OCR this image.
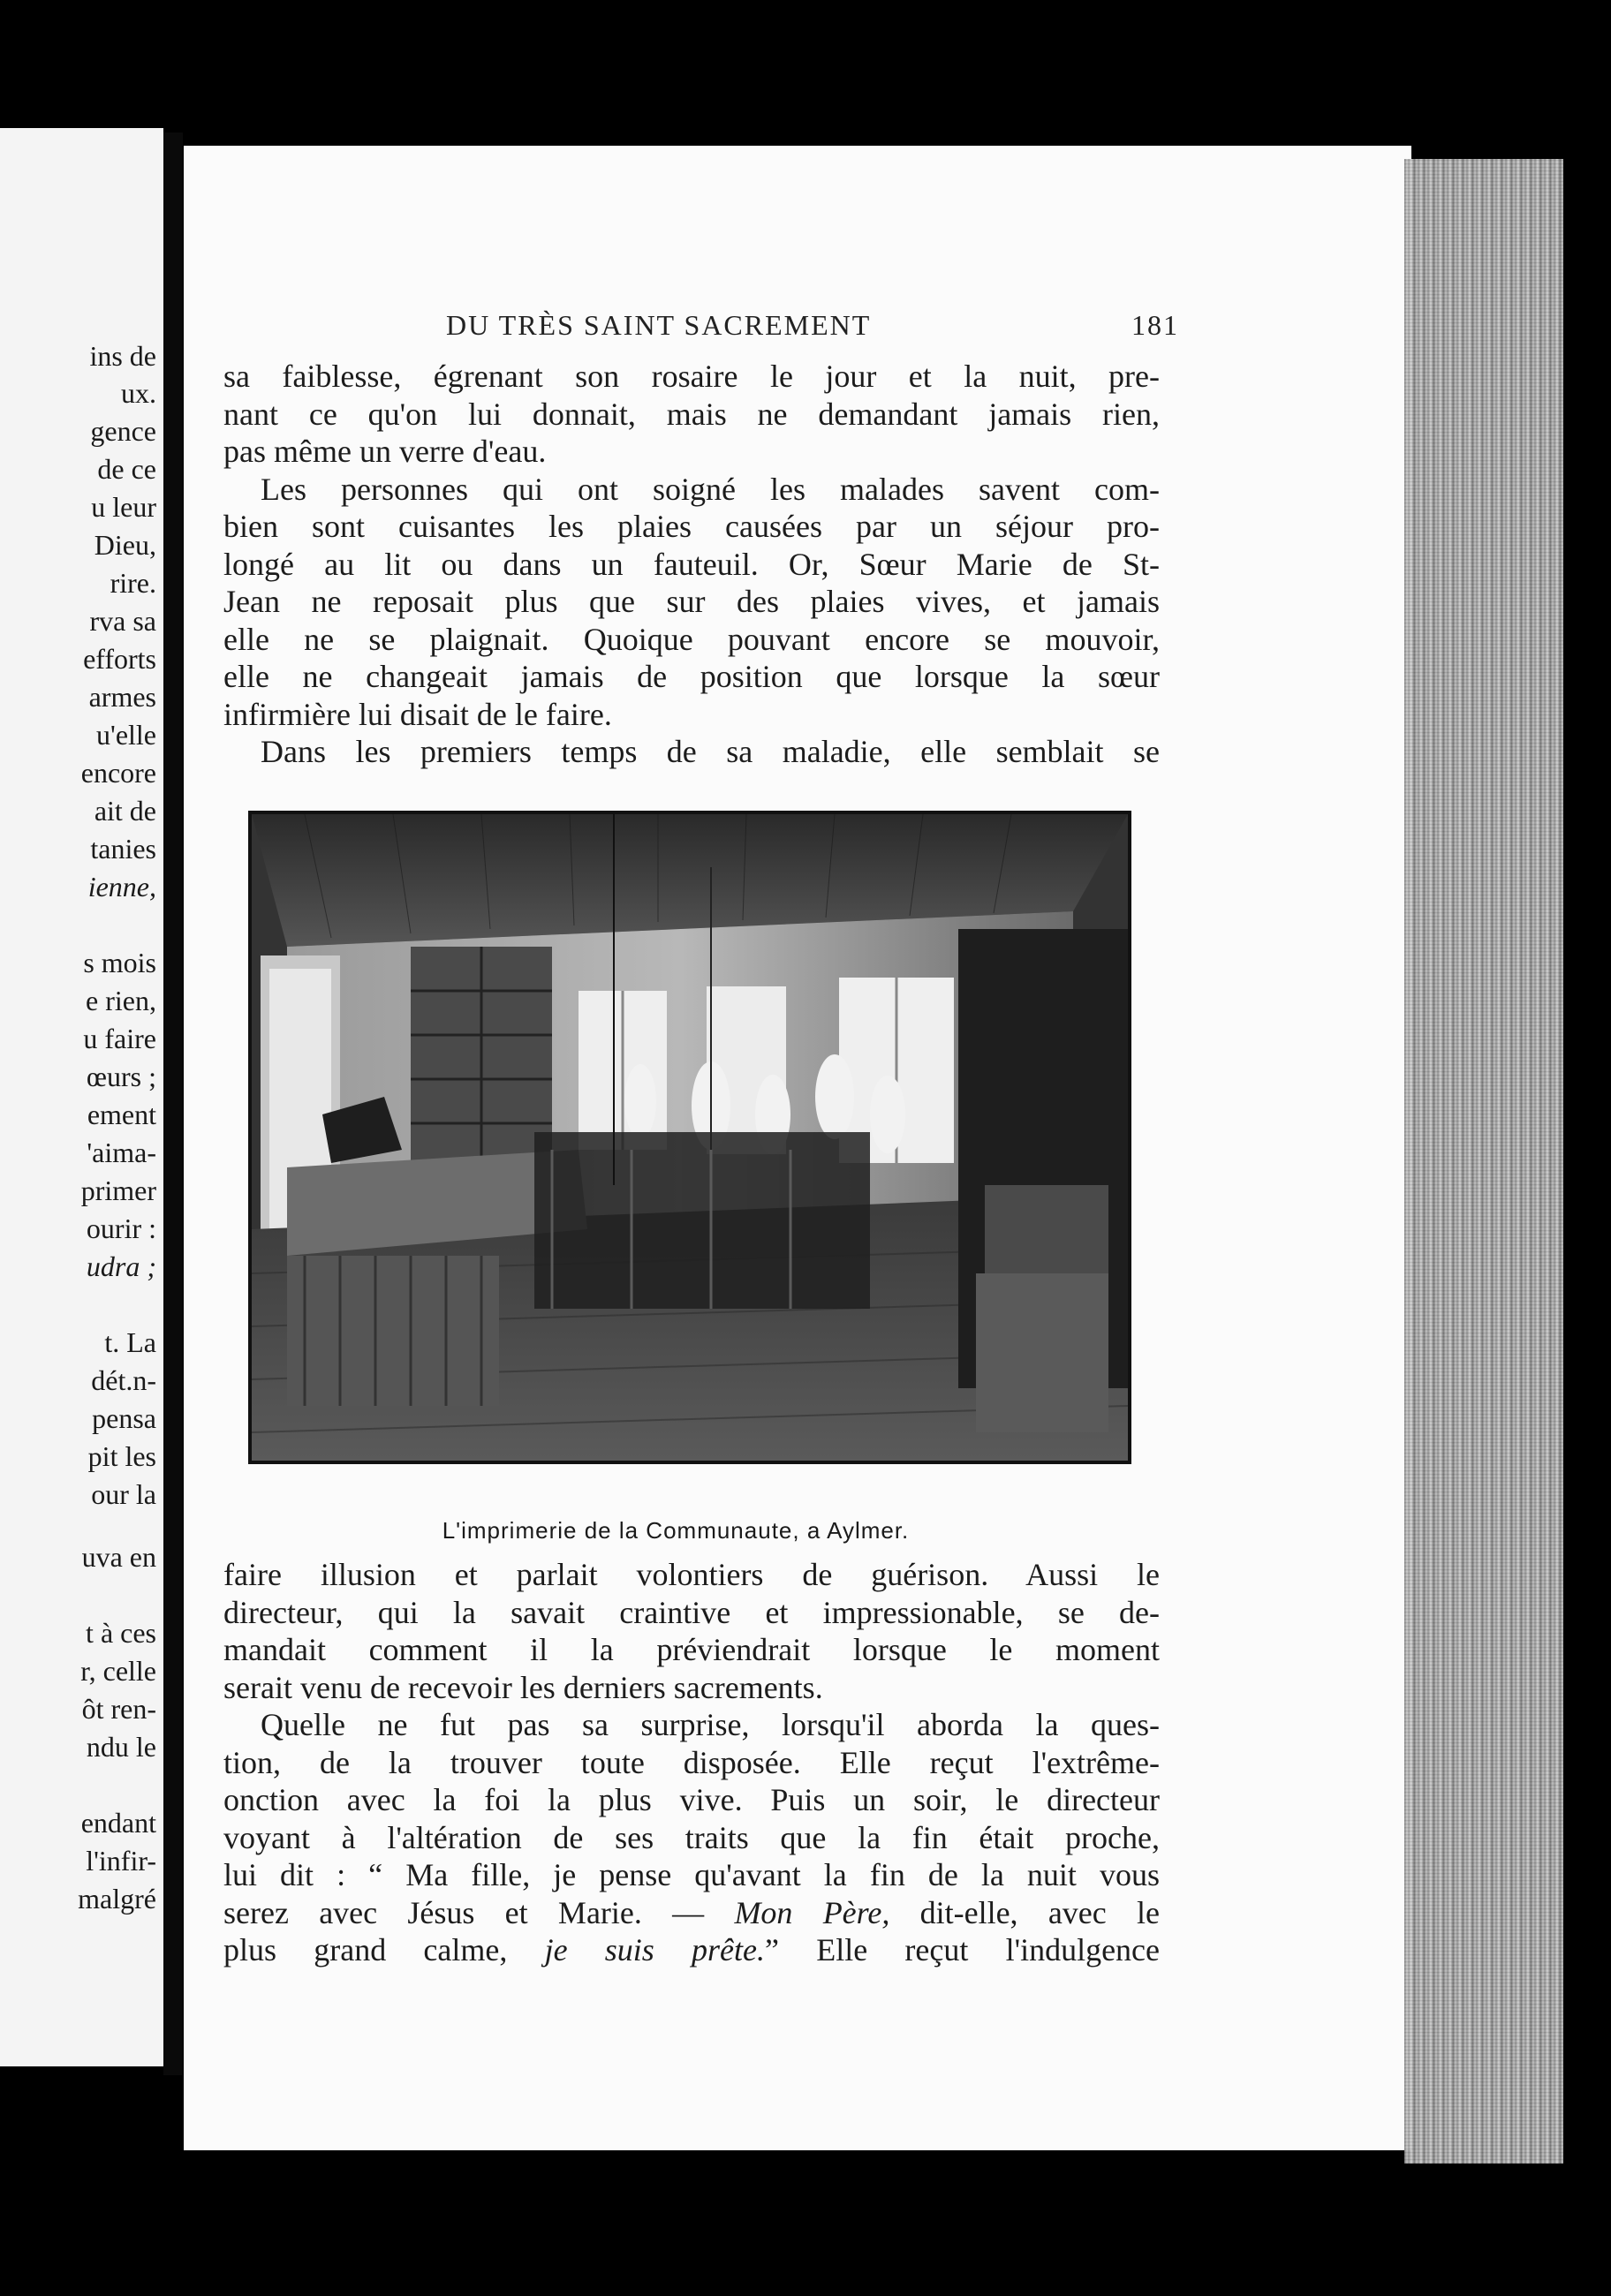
ins de
ux.
gence
de ce
u leur
Dieu,
rire.
rva sa
efforts
armes
u'elle
encore
ait de
tanies
ienne,
s mois
e rien,
u faire
œurs ;
ement
'aima-
primer
ourir :
udra ;
t. La
dét.n-
pensa
pit les
our la
uva en
t à ces
r, celle
ôt ren-
ndu le
endant
l'infir-
malgré
DU TRÈS SAINT SACREMENT	181
sa faiblesse, égrenant son rosaire le jour et la nuit, pre-
nant ce qu'on lui donnait, mais ne demandant jamais rien,
pas même un verre d'eau.
Les personnes qui ont soigné les malades savent com-
bien sont cuisantes les plaies causées par un séjour pro-
longé au lit ou dans un fauteuil. Or, Sœur Marie de St-
Jean ne reposait plus que sur des plaies vives, et jamais
elle ne se plaignait. Quoique pouvant encore se mouvoir,
elle ne changeait jamais de position que lorsque la sœur
infirmière lui disait de le faire.
Dans les premiers temps de sa maladie, elle semblait se
L'imprimerie de la Communaute, a Aylmer.
faire illusion et parlait volontiers de guérison. Aussi le
directeur, qui la savait craintive et impressionable, se de-
mandait comment il la préviendrait lorsque le moment
serait venu de recevoir les derniers sacrements.
Quelle ne fut pas sa surprise, lorsqu'il aborda la ques-
tion, de la trouver toute disposée. Elle reçut l'extrême-
onction avec la foi la plus vive. Puis un soir, le directeur
voyant à l'altération de ses traits que la fin était proche,
lui dit : “ Ma fille, je pense qu'avant la fin de la nuit vous
serez avec Jésus et Marie. — Mon Père, dit-elle, avec le
plus grand calme, je suis prête.” Elle reçut l'indulgence
